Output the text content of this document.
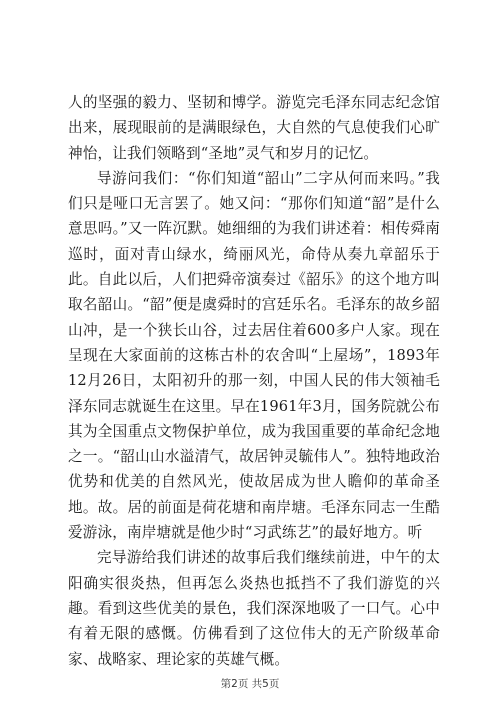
人的坚强的毅力、坚韧和博学。游览完毛泽东同志纪念馆出来，展现眼前的是满眼绿色，大自然的气息使我们心旷神怡，让我们领略到“圣地”灵气和岁月的记忆。

导游问我们：“你们知道“韶山”二字从何而来吗。”我们只是哑口无言罢了。她又问：“那你们知道“韶”是什么意思吗。”又一阵沉默。她细细的为我们讲述着：相传舜南巡时，面对青山绿水，绮丽风光，命侍从奏九章韶乐于此。自此以后，人们把舜帝演奏过《韶乐》的这个地方叫取名韶山。“韶”便是虞舜时的宫廷乐名。毛泽东的故乡韶山冲，是一个狭长山谷，过去居住着600多户人家。现在呈现在大家面前的这栋古朴的农舍叫“上屋场”，1893年12月26日，太阳初升的那一刻，中国人民的伟大领袖毛泽东同志就诞生在这里。早在1961年3月，国务院就公布其为全国重点文物保护单位，成为我国重要的革命纪念地之一。“韶山山水溢清气，故居钟灵毓伟人”。独特地政治优势和优美的自然风光，使故居成为世人瞻仰的革命圣地。故。居的前面是荷花塘和南岸塘。毛泽东同志一生酷爱游泳，南岸塘就是他少时“习武练艺”的最好地方。听

完导游给我们讲述的故事后我们继续前进，中午的太阳确实很炎热，但再怎么炎热也抵挡不了我们游览的兴趣。看到这些优美的景色，我们深深地吸了一口气。心中有着无限的感慨。仿佛看到了这位伟大的无产阶级革命家、战略家、理论家的英雄气概。

第2页 共5页
